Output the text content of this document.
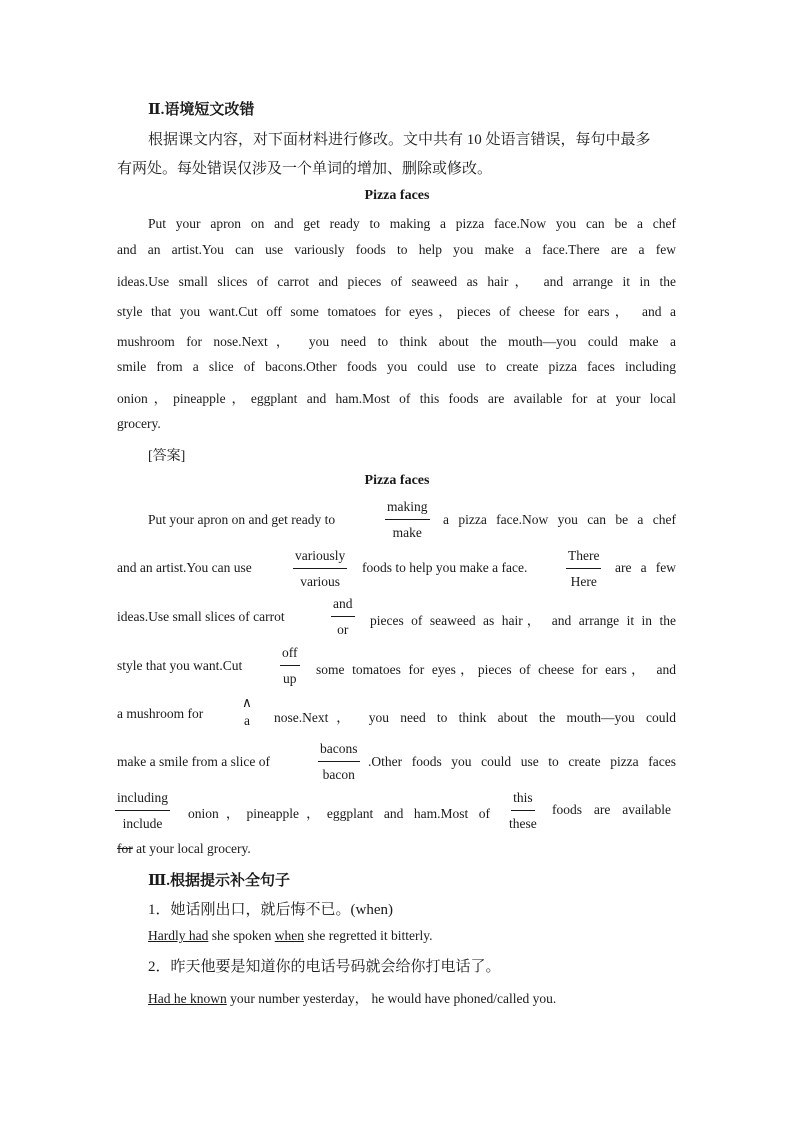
Ⅱ.语境短文改错
根据课文内容，对下面材料进行修改。文中共有 10 处语言错误，每句中最多
有两处。每处错误仅涉及一个单词的增加、删除或修改。
Pizza faces
Put your apron on and get ready to making a pizza face.Now you can be a chef
and an artist.You can use variously foods to help you make a face.There are a few
ideas.Use small slices of carrot and pieces of seaweed as hair， and arrange it in the
style that you want.Cut off some tomatoes for eyes，pieces of cheese for ears， and a
mushroom for nose.Next， you need to think about the mouth—you could make a
smile from a slice of bacons.Other foods you could use to create pizza faces including
onion，pineapple，eggplant and ham.Most of this foods are available for at your local
grocery.
[答案]
Pizza faces
Put your apron on and get ready to
making
make
a pizza face.Now you can be a chef
and an artist.You can use
variously
various
foods to help you make a face.
There
Here
are a few
ideas.Use small slices of carrot
and
or
pieces of seaweed as hair， and arrange it in the
style that you want.Cut
off
up
some tomatoes for eyes，pieces of cheese for ears， and
a mushroom for
∧
a nose.Next， you need to think about the mouth—you could
make a smile from a slice of
bacons
bacon
.Other foods you could use to create pizza faces
including
include
onion，pineapple，eggplant and ham.Most of
this
these
foods are available
for at your local grocery.
Ⅲ.根据提示补全句子
1．她话刚出口，就后悔不已。(when)
Hardly had she spoken when she regretted it bitterly.
2．昨天他要是知道你的电话号码就会给你打电话了。
Had he known your number yesterday， he would have phoned/called you.
